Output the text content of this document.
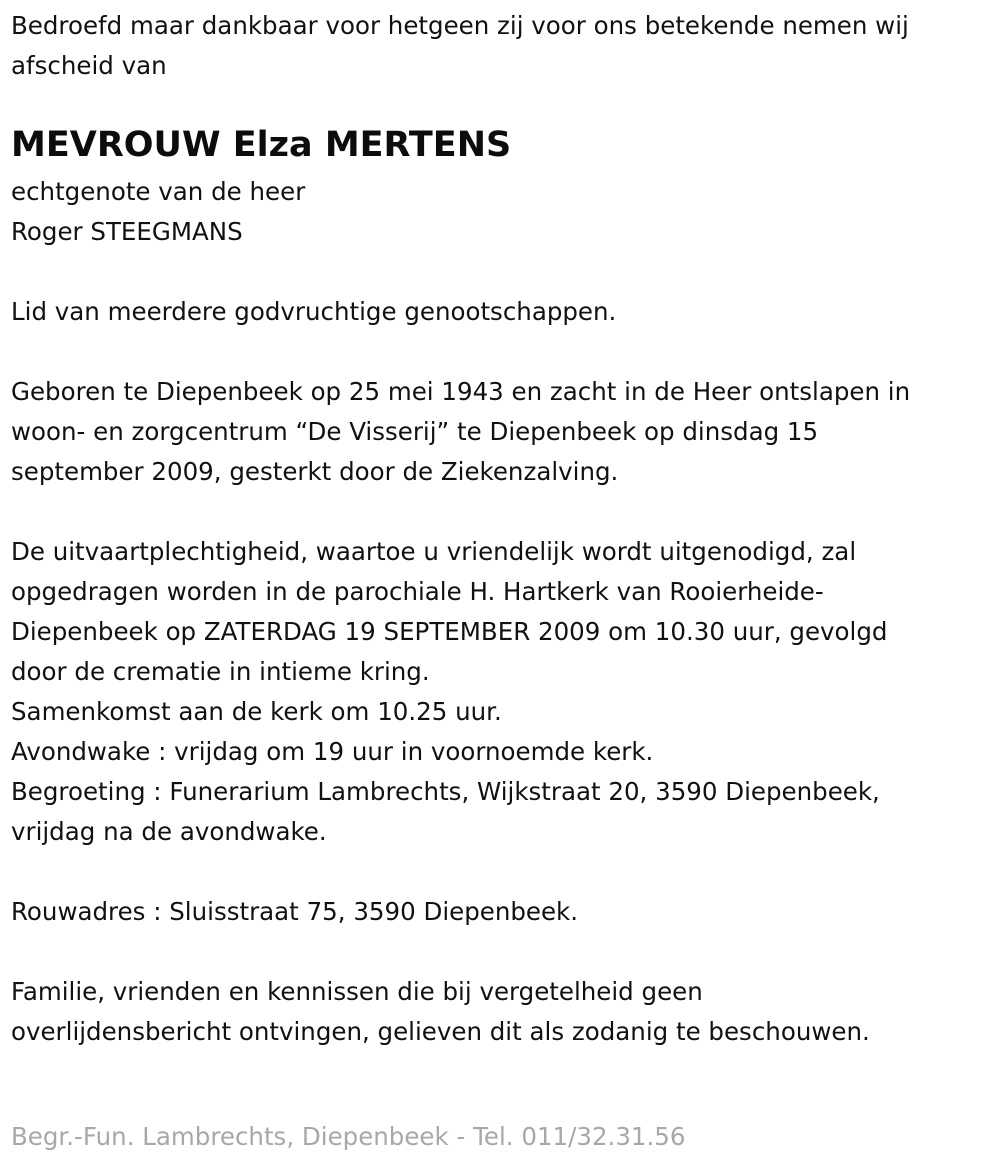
Bedroefd maar dankbaar voor hetgeen zij voor ons betekende nemen wij

afscheid van

MEVROUW Elza MERTENS

echtgenote van de heer

Roger STEEGMANS

Lid van meerdere godvruchtige genootschappen.

Geboren te Diepenbeek op 25 mei 1943 en zacht in de Heer ontslapen in

woon- en zorgcentrum “De Visserij” te Diepenbeek op dinsdag 15

september 2009, gesterkt door de Ziekenzalving.

De uitvaartplechtigheid, waartoe u vriendelijk wordt uitgenodigd, zal

opgedragen worden in de parochiale H. Hartkerk van Rooierheide-

Diepenbeek op ZATERDAG 19 SEPTEMBER 2009 om 10.30 uur, gevolgd

door de crematie in intieme kring.

Samenkomst aan de kerk om 10.25 uur.

Avondwake : vrijdag om 19 uur in voornoemde kerk.

Begroeting : Funerarium Lambrechts, Wijkstraat 20, 3590 Diepenbeek,

vrijdag na de avondwake.

Rouwadres : Sluisstraat 75, 3590 Diepenbeek.

Familie, vrienden en kennissen die bij vergetelheid geen

overlijdensbericht ontvingen, gelieven dit als zodanig te beschouwen.

Begr.-Fun. Lambrechts, Diepenbeek - Tel. 011/32.31.56
